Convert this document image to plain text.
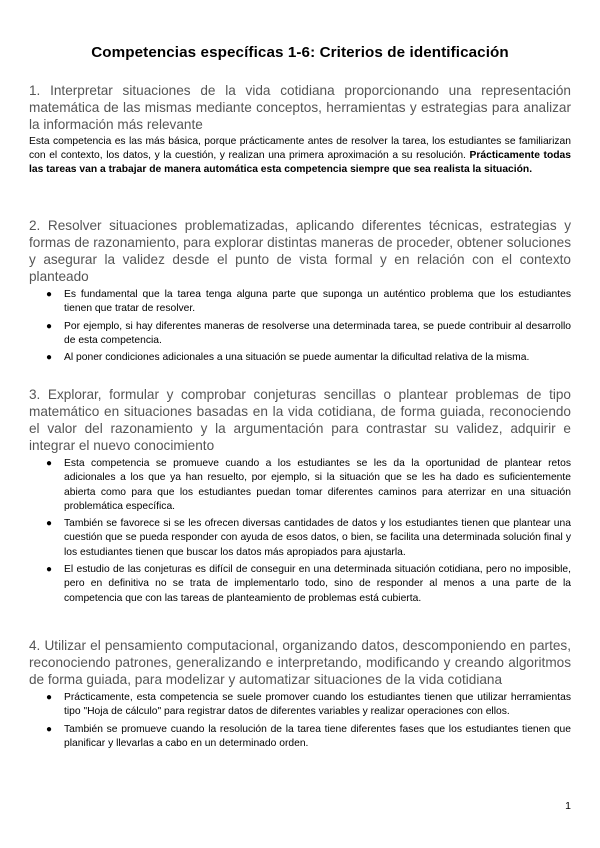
Competencias específicas 1-6: Criterios de identificación

1. Interpretar situaciones de la vida cotidiana proporcionando una representación matemática de las mismas mediante conceptos, herramientas y estrategias para analizar la información más relevante

Esta competencia es las más básica, porque prácticamente antes de resolver la tarea, los estudiantes se familiarizan con el contexto, los datos, y la cuestión, y realizan una primera aproximación a su resolución. Prácticamente todas las tareas van a trabajar de manera automática esta competencia siempre que sea realista la situación.

2. Resolver situaciones problematizadas, aplicando diferentes técnicas, estrategias y formas de razonamiento, para explorar distintas maneras de proceder, obtener soluciones y asegurar la validez desde el punto de vista formal y en relación con el contexto planteado

● Es fundamental que la tarea tenga alguna parte que suponga un auténtico problema que los estudiantes tienen que tratar de resolver.
● Por ejemplo, si hay diferentes maneras de resolverse una determinada tarea, se puede contribuir al desarrollo de esta competencia.
● Al poner condiciones adicionales a una situación se puede aumentar la dificultad relativa de la misma.

3. Explorar, formular y comprobar conjeturas sencillas o plantear problemas de tipo matemático en situaciones basadas en la vida cotidiana, de forma guiada, reconociendo el valor del razonamiento y la argumentación para contrastar su validez, adquirir e integrar el nuevo conocimiento

● Esta competencia se promueve cuando a los estudiantes se les da la oportunidad de plantear retos adicionales a los que ya han resuelto, por ejemplo, si la situación que se les ha dado es suficientemente abierta como para que los estudiantes puedan tomar diferentes caminos para aterrizar en una situación problemática específica.
● También se favorece si se les ofrecen diversas cantidades de datos y los estudiantes tienen que plantear una cuestión que se pueda responder con ayuda de esos datos, o bien, se facilita una determinada solución final y los estudiantes tienen que buscar los datos más apropiados para ajustarla.
● El estudio de las conjeturas es difícil de conseguir en una determinada situación cotidiana, pero no imposible, pero en definitiva no se trata de implementarlo todo, sino de responder al menos a una parte de la competencia que con las tareas de planteamiento de problemas está cubierta.

4. Utilizar el pensamiento computacional, organizando datos, descomponiendo en partes, reconociendo patrones, generalizando e interpretando, modificando y creando algoritmos de forma guiada, para modelizar y automatizar situaciones de la vida cotidiana

● Prácticamente, esta competencia se suele promover cuando los estudiantes tienen que utilizar herramientas tipo "Hoja de cálculo" para registrar datos de diferentes variables y realizar operaciones con ellos.
● También se promueve cuando la resolución de la tarea tiene diferentes fases que los estudiantes tienen que planificar y llevarlas a cabo en un determinado orden.
1
